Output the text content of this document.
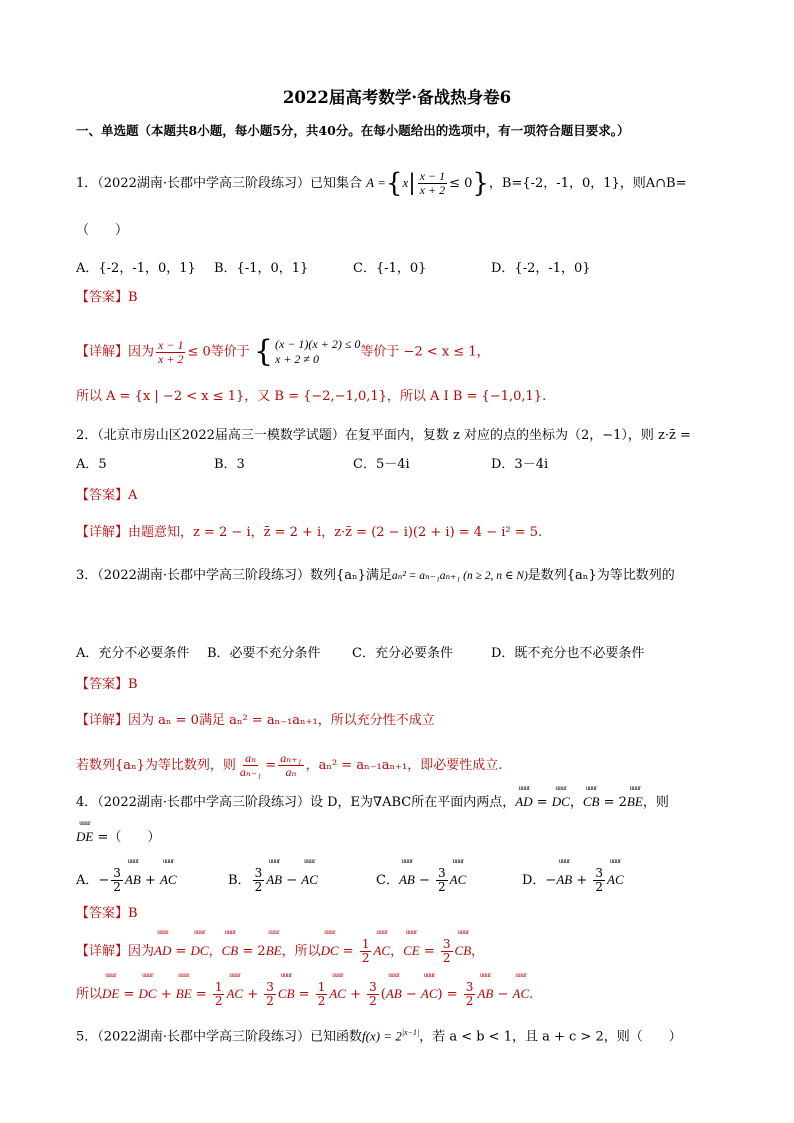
2022届高考数学·备战热身卷6
一、单选题（本题共8小题，每小题5分，共40分。在每小题给出的选项中，有一项符合题目要求。）
1．（2022湖南·长郡中学高三阶段练习）已知集合 $A =\{x| \frac{x - 1}{x + 2} \le 0\}$，B={-2，-1，0，1}，则A∩B=
（　　）
A．{-2，-1，0，1} B．{-1，0，1}	C．{-1，0}	D．{-2，-1，0}
【答案】B
【详解】因为 $\frac{x - 1}{x + 2} \le 0$等价于 { (x − 1)(x + 2) ≤ 0
x + 2 ≠ 0	等价于 −2 < x ≤ 1，
所以 A = {x | −2 < x ≤ 1}，又 B = {−2,−1,0,1}，所以 A I B = {−1,0,1}.
2．（北京市房山区2022届高三一模数学试题）在复平面内，复数 z 对应的点的坐标为（2，−1），则 z·z̄ =
A．5	B．3	C．5－4i	D．3－4i
【答案】A
【详解】由题意知，z = 2 − i，z̄ = 2 + i，z·z̄ = (2 − i)(2 + i) = 4 − i² = 5.
3．（2022湖南·长郡中学高三阶段练习）数列{aₙ}满足aₙ² = aₙ₋₁aₙ₊₁ (n ≥ 2, n ∈ N)是数列{aₙ}为等比数列的
A．充分不必要条件 B．必要不充分条件 C．充分必要条件	D．既不充分也不必要条件
【答案】B
【详解】因为 aₙ = 0满足 aₙ² = aₙ₋₁aₙ₊₁，所以充分性不成立
若数列{aₙ}为等比数列，则 $\frac{\text{aₙ}}{\text{aₙ₋₁}} = \frac{\text{aₙ₊₁}}{\text{aₙ}}$ ，aₙ² = aₙ₋₁aₙ₊₁，即必要性成立.
4．（2022湖南·长郡中学高三阶段练习）设 D，E为∇ABC所在平面内两点，uuur AD = uuur DC，uuur CB = 2uuur BE，则
uuur DE =（　　）
A．− $\frac{3}{2}$ uuur AB + uuur AC	B． $\frac{3}{2}$ uuur AB − uuur AC	C．uuur AB − $\frac{3}{2}$ uuur AC	D．−uuur AB + $\frac{3}{2}$ uuur AC
【答案】B
【详解】因为uuur AD = uuur DC，uuur CB = 2uuur BE，所以uuur DC = $\frac{1}{2}$ uuur AC，uuur CE = $\frac{3}{2}$ uuur CB，
所以uuur DE = uuur DC + uuur BE = $\frac{1}{2}$ uuur AC + $\frac{3}{2}$ uuur CB = $\frac{1}{2}$ uuur AC + $\frac{3}{2}$ (uuur AB − uuur $AC) = \frac{3}{2}$ uuur AB − uuur AC.
5．（2022湖南·长郡中学高三阶段练习）已知函数$f(x) = 2^{|x-1|}$，若 a < b < 1，且 a + c > 2，则（　　）
